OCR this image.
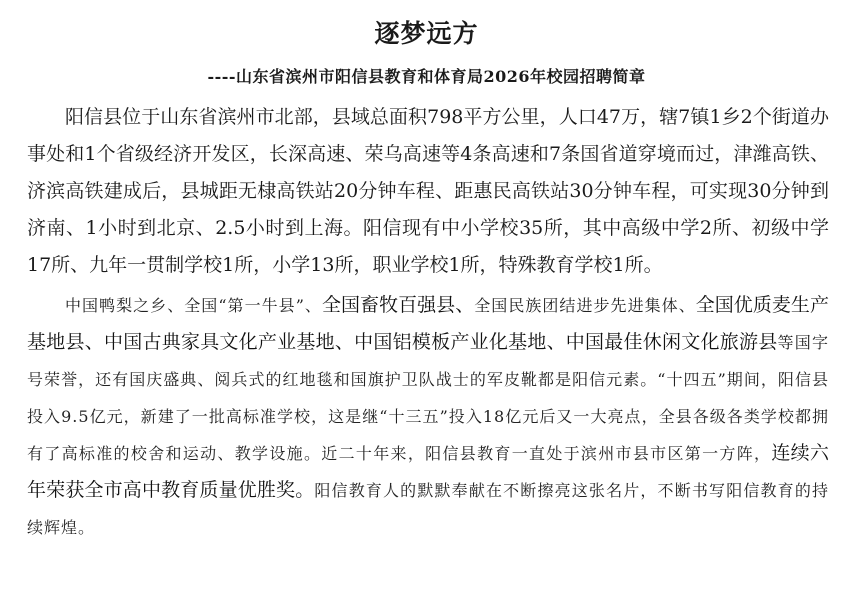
逐梦远方
----山东省滨州市阳信县教育和体育局2026年校园招聘简章

阳信县位于山东省滨州市北部，县域总面积798平方公里，人口47万，辖7镇1乡2个街道办事处和1个省级经济开发区，长深高速、荣乌高速等4条高速和7条国省道穿境而过，津潍高铁、济滨高铁建成后，县城距无棣高铁站20分钟车程、距惠民高铁站30分钟车程，可实现30分钟到济南、1小时到北京、2.5小时到上海。阳信现有中小学校35所，其中高级中学2所、初级中学17所、九年一贯制学校1所，小学13所，职业学校1所，特殊教育学校1所。

中国鸭梨之乡、全国“第一牛县”、全国畜牧百强县、全国民族团结进步先进集体、全国优质麦生产基地县、中国古典家具文化产业基地、中国铝模板产业化基地、中国最佳休闲文化旅游县等国字号荣誉，还有国庆盛典、阅兵式的红地毯和国旗护卫队战士的军皮靴都是阳信元素。“十四五”期间，阳信县投入9.5亿元，新建了一批高标准学校，这是继“十三五”投入18亿元后又一大亮点，全县各级各类学校都拥有了高标准的校舍和运动、教学设施。近二十年来，阳信县教育一直处于滨州市县市区第一方阵，连续六年荣获全市高中教育质量优胜奖。阳信教育人的默默奉献在不断擦亮这张名片，不断书写阳信教育的持续辉煌。
